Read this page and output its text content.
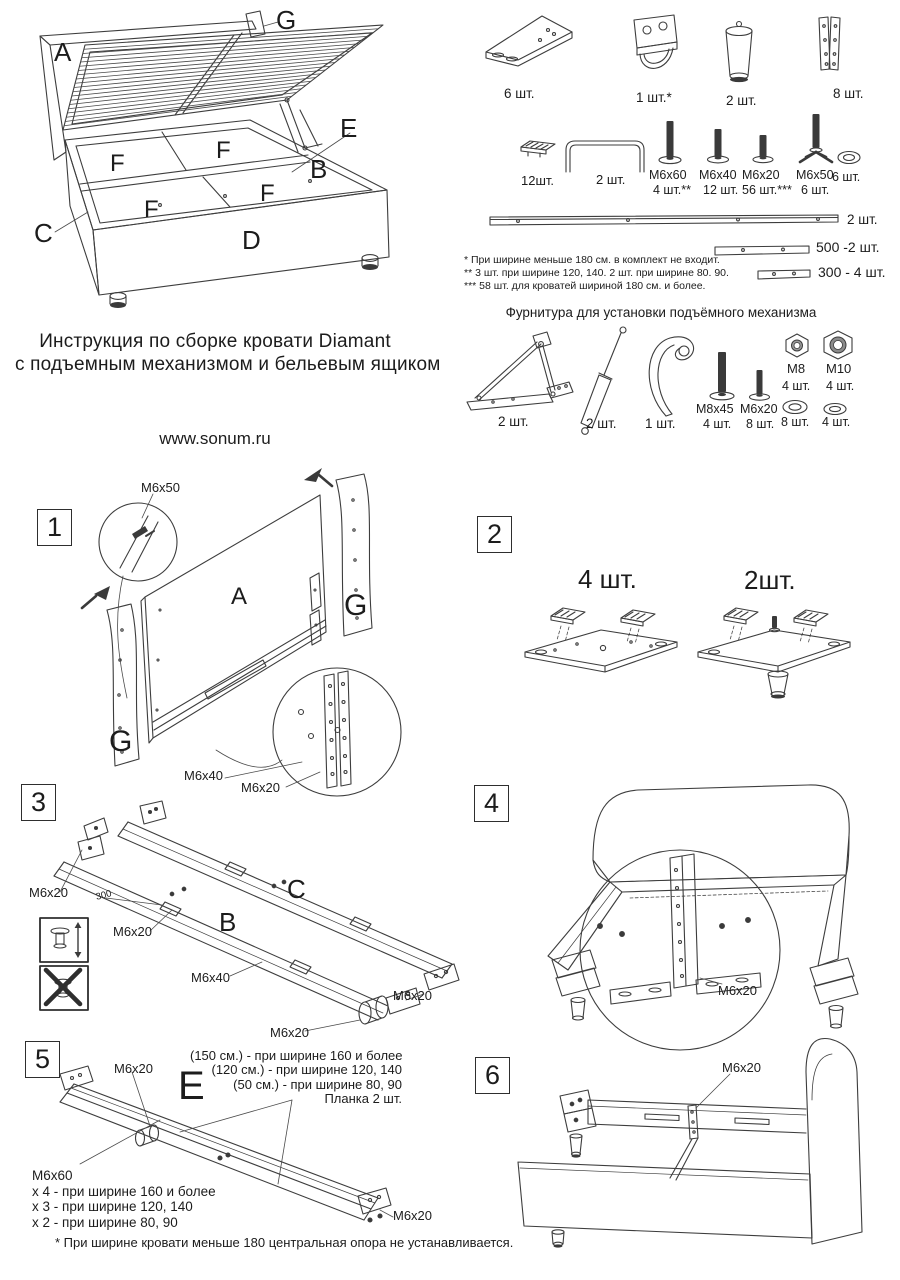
G
A
E
F
F	B
F
F
C	D
6 шт.	1 шт.*	2 шт.	8 шт.
12шт.	2 шт. M6x60
4 шт.**
M6x40
12 шт.
M6x20
56 шт.***
M6x50
6 шт.
6 шт.
2 шт.
500 -2 шт.
300 - 4 шт.
* При ширине меньше 180 см. в комплект не входит.
** 3 шт. при ширине 120, 140. 2 шт. при ширине 80. 90.
*** 58 шт. для кроватей шириной 180 см. и более.
Фурнитура для установки подъёмного механизма
2 шт.	2 шт. 1 шт.
M8x45
4 шт.
M6x20
8 шт.
M8
4 шт.
M10
4 шт.
8 шт. 4 шт.
Инструкция по сборке кровати Diamant
с подъемным механизмом и бельевым ящиком
www.sonum.ru
1
M6x50
A	G
G
M6x40
M6x20
2
4 шт.	2шт.
3
M6x20	300
M6x20	B
C
M6x40
M6x20
M6x20
4
M6x20
5	M6x20 E
(150 см.) - при ширине 160 и более
(120 см.) - при ширине 120, 140
(50 см.) - при ширине 80, 90
Планка 2 шт.
M6x60
х 4 - при ширине 160 и более
х 3 - при ширине 120, 140
х 2 - при ширине 80, 90	M6x20
* При ширине кровати меньше 180 центральная опора не устанавливается.
6	M6x20
